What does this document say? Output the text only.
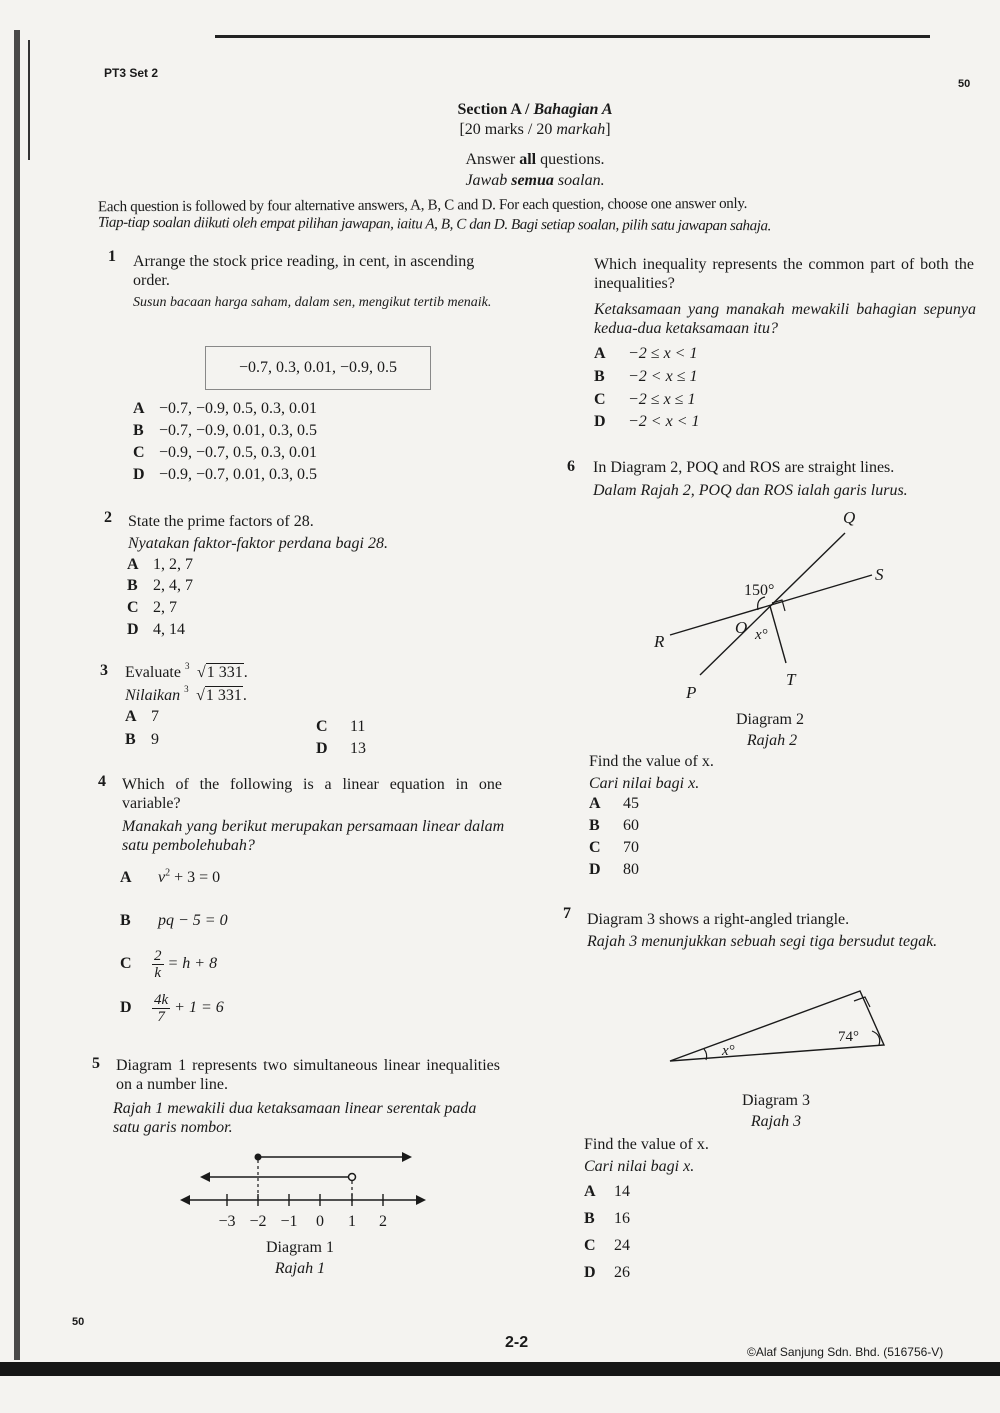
PT3 Set 2
50
Section A / Bahagian A
[20 marks / 20 markah]
Answer all questions.
Jawab semua soalan.
Each question is followed by four alternative answers, A, B, C and D. For each question, choose one answer only.
Tiap-tiap soalan diikuti oleh empat pilihan jawapan, iaitu A, B, C dan D. Bagi setiap soalan, pilih satu jawapan sahaja.
1 Arrange the stock price reading, in cent, in ascending order.
Susun bacaan harga saham, dalam sen, mengikut tertib menaik.
−0.7, 0.3, 0.01, −0.9, 0.5
A −0.7, −0.9, 0.5, 0.3, 0.01
B −0.7, −0.9, 0.01, 0.3, 0.5
C −0.9, −0.7, 0.5, 0.3, 0.01
D −0.9, −0.7, 0.01, 0.3, 0.5
2 State the prime factors of 28.
Nyatakan faktor-faktor perdana bagi 28.
A 1, 2, 7
B 2, 4, 7
C 2, 7
D 4, 14
3 Evaluate 3 √1 331.
Nilaikan 3 √1 331.
A 7
B 9
C 11
D 13
4 Which of the following is a linear equation in one variable?
Manakah yang berikut merupakan persamaan linear dalam satu pembolehubah?
A $v^2 + 3 = 0$
B pq − 5 = 0
C $\frac{2}{k} = h + 8$
D $\frac{4k}{7} + 1 = 6$
5 Diagram 1 represents two simultaneous linear inequalities on a number line.
Rajah 1 mewakili dua ketaksamaan linear serentak pada satu garis nombor.
−3 −2 −1 0 1 2
Diagram 1
Rajah 1
Which inequality represents the common part of both the inequalities?
Ketaksamaan yang manakah mewakili bahagian sepunya kedua-dua ketaksamaan itu?
A −2 ≤ x < 1
B −2 < x ≤ 1
C −2 ≤ x ≤ 1
D −2 < x < 1
6 In Diagram 2, POQ and ROS are straight lines.
Dalam Rajah 2, POQ dan ROS ialah garis lurus.
Q
S
R
O
P
T
x°
150°
Diagram 2
Rajah 2
Find the value of x.
Cari nilai bagi x.
A 45
B 60
C 70
D 80
7 Diagram 3 shows a right-angled triangle.
Rajah 3 menunjukkan sebuah segi tiga bersudut tegak.
x°
74°
Diagram 3
Rajah 3
Find the value of x.
Cari nilai bagi x.
A 14
B 16
C 24
D 26
50
2-2
©Alaf Sanjung Sdn. Bhd. (516756-V)
